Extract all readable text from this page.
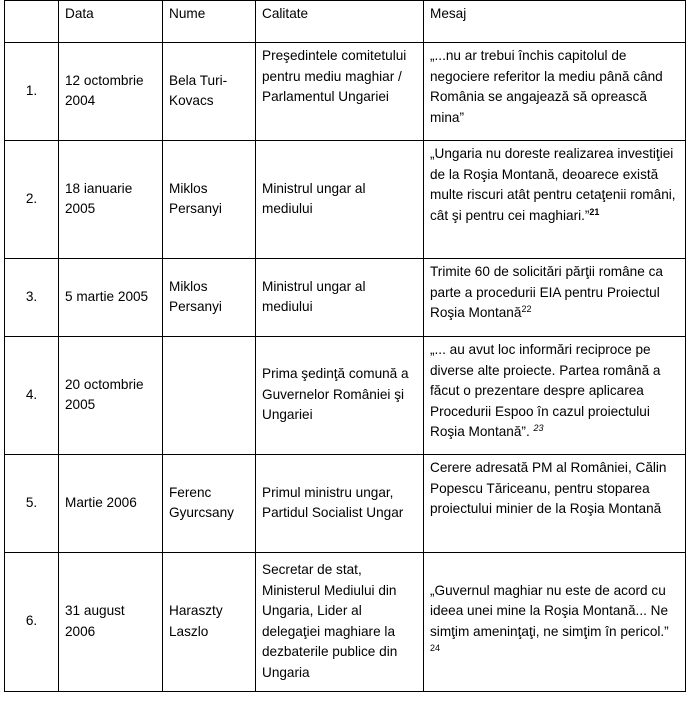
	Data	Nume	Calitate	Mesaj
1.	12 octombrie 2004	Bela Turi-Kovacs	Preşedintele comitetului pentru mediu maghiar / Parlamentul Ungariei	„...nu ar trebui închis capitolul de negociere referitor la mediu până când România se angajează să oprească mina”
2.	18 ianuarie 2005	Miklos Persanyi	Ministrul ungar al mediului	„Ungaria nu doreste realizarea investiţiei de la Roşia Montană, deoarece există multe riscuri atât pentru cetaţenii români, cât şi pentru cei maghiari.”$^{21}$
3.	5 martie 2005	Miklos Persanyi	Ministrul ungar al mediului	Trimite 60 de solicitări părţii române ca parte a procedurii EIA pentru Proiectul Roşia Montană$^{22}$
4.	20 octombrie 2005		Prima şedinţă comună a Guvernelor României şi Ungariei	„... au avut loc informări reciproce pe diverse alte proiecte. Partea română a făcut o prezentare despre aplicarea Procedurii Espoo în cazul proiectului Roşia Montană”. $^{23}$
5.	Martie 2006	Ferenc Gyurcsany	Primul ministru ungar, Partidul Socialist Ungar	Cerere adresată PM al României, Călin Popescu Tăriceanu, pentru stoparea proiectului minier de la Roşia Montană
6.	31 august 2006	Haraszty Laszlo	Secretar de stat, Ministerul Mediului din Ungaria, Lider al delegaţiei maghiare la dezbaterile publice din Ungaria	„Guvernul maghiar nu este de acord cu ideea unei mine la Roşia Montană... Ne simţim ameninţaţi, ne simţim în pericol.” $^{24}$
